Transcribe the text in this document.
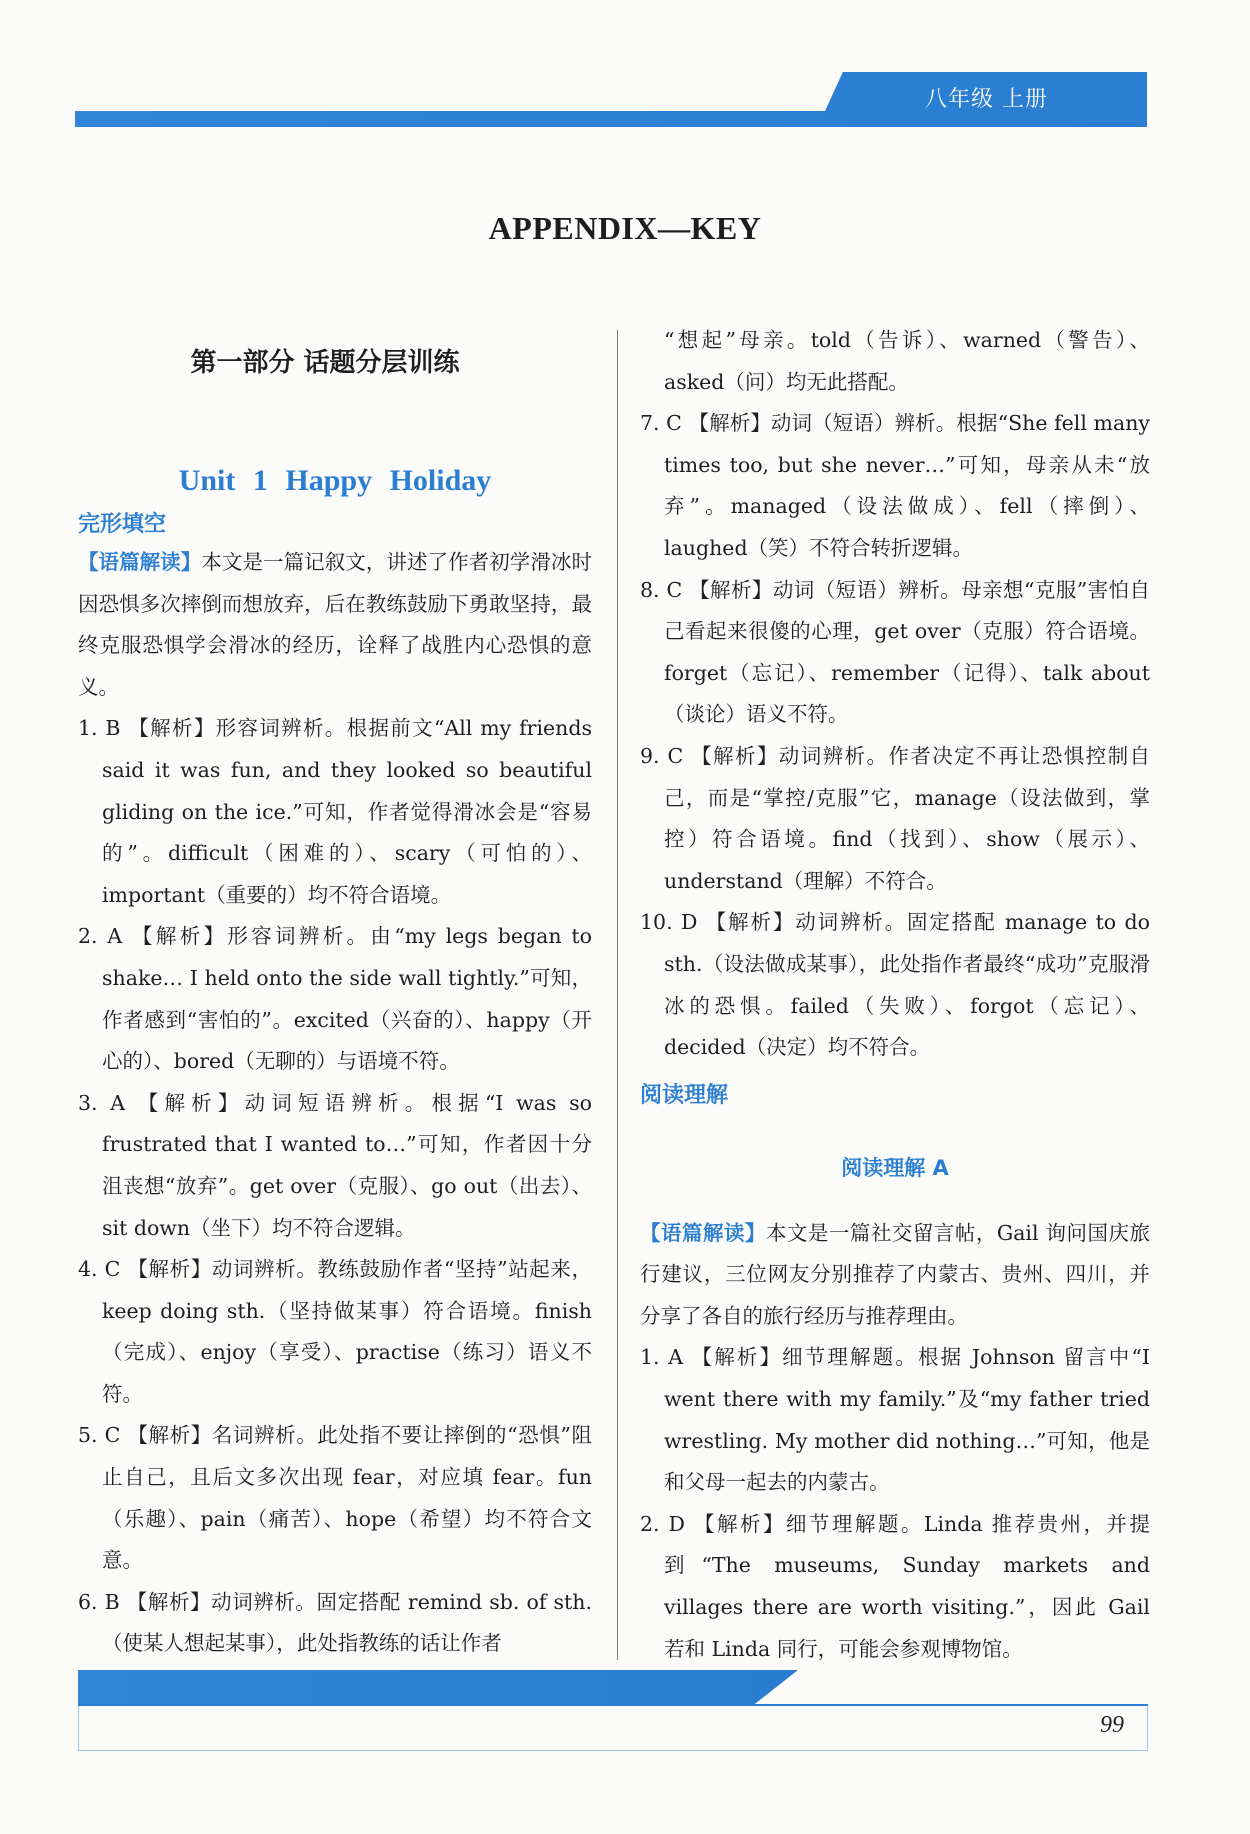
八年级 上册
APPENDIX—KEY
第一部分 话题分层训练
Unit 1 Happy Holiday
完形填空

【语篇解读】本文是一篇记叙文，讲述了作者初学滑冰时因恐惧多次摔倒而想放弃，后在教练鼓励下勇敢坚持，最终克服恐惧学会滑冰的经历，诠释了战胜内心恐惧的意义。

1. B 【解析】形容词辨析。根据前文“All my friends said it was fun, and they looked so beautiful gliding on the ice.”可知，作者觉得滑冰会是“容易的”。difficult（困难的）、scary（可怕的）、important（重要的）均不符合语境。

2. A 【解析】形容词辨析。由“my legs began to shake… I held onto the side wall tightly.”可知，作者感到“害怕的”。excited（兴奋的）、happy（开心的）、bored（无聊的）与语境不符。

3. A 【解析】动词短语辨析。根据“I was so frustrated that I wanted to…”可知，作者因十分沮丧想“放弃”。get over（克服）、go out（出去）、sit down（坐下）均不符合逻辑。

4. C 【解析】动词辨析。教练鼓励作者“坚持”站起来，keep doing sth.（坚持做某事）符合语境。finish（完成）、enjoy（享受）、practise（练习）语义不符。

5. C 【解析】名词辨析。此处指不要让摔倒的“恐惧”阻止自己，且后文多次出现 fear，对应填 fear。fun（乐趣）、pain（痛苦）、hope（希望）均不符合文意。

6. B 【解析】动词辨析。固定搭配 remind sb. of sth.（使某人想起某事），此处指教练的话让作者

“想起”母亲。told（告诉）、warned（警告）、asked（问）均无此搭配。

7. C 【解析】动词（短语）辨析。根据“She fell many times too, but she never…”可知，母亲从未“放弃”。managed（设法做成）、fell（摔倒）、laughed（笑）不符合转折逻辑。

8. C 【解析】动词（短语）辨析。母亲想“克服”害怕自己看起来很傻的心理，get over（克服）符合语境。forget（忘记）、remember（记得）、talk about（谈论）语义不符。

9. C 【解析】动词辨析。作者决定不再让恐惧控制自己，而是“掌控/克服”它，manage（设法做到，掌控）符合语境。find（找到）、show（展示）、understand（理解）不符合。

10. D 【解析】动词辨析。固定搭配 manage to do sth.（设法做成某事），此处指作者最终“成功”克服滑冰的恐惧。failed（失败）、forgot（忘记）、decided（决定）均不符合。

阅读理解
阅读理解 A

【语篇解读】本文是一篇社交留言帖，Gail 询问国庆旅行建议，三位网友分别推荐了内蒙古、贵州、四川，并分享了各自的旅行经历与推荐理由。

1. A 【解析】细节理解题。根据 Johnson 留言中“I went there with my family.”及“my father tried wrestling. My mother did nothing…”可知，他是和父母一起去的内蒙古。

2. D 【解析】细节理解题。Linda 推荐贵州，并提到“The museums, Sunday markets and villages there are worth visiting.”，因此 Gail 若和 Linda 同行，可能会参观博物馆。

99
